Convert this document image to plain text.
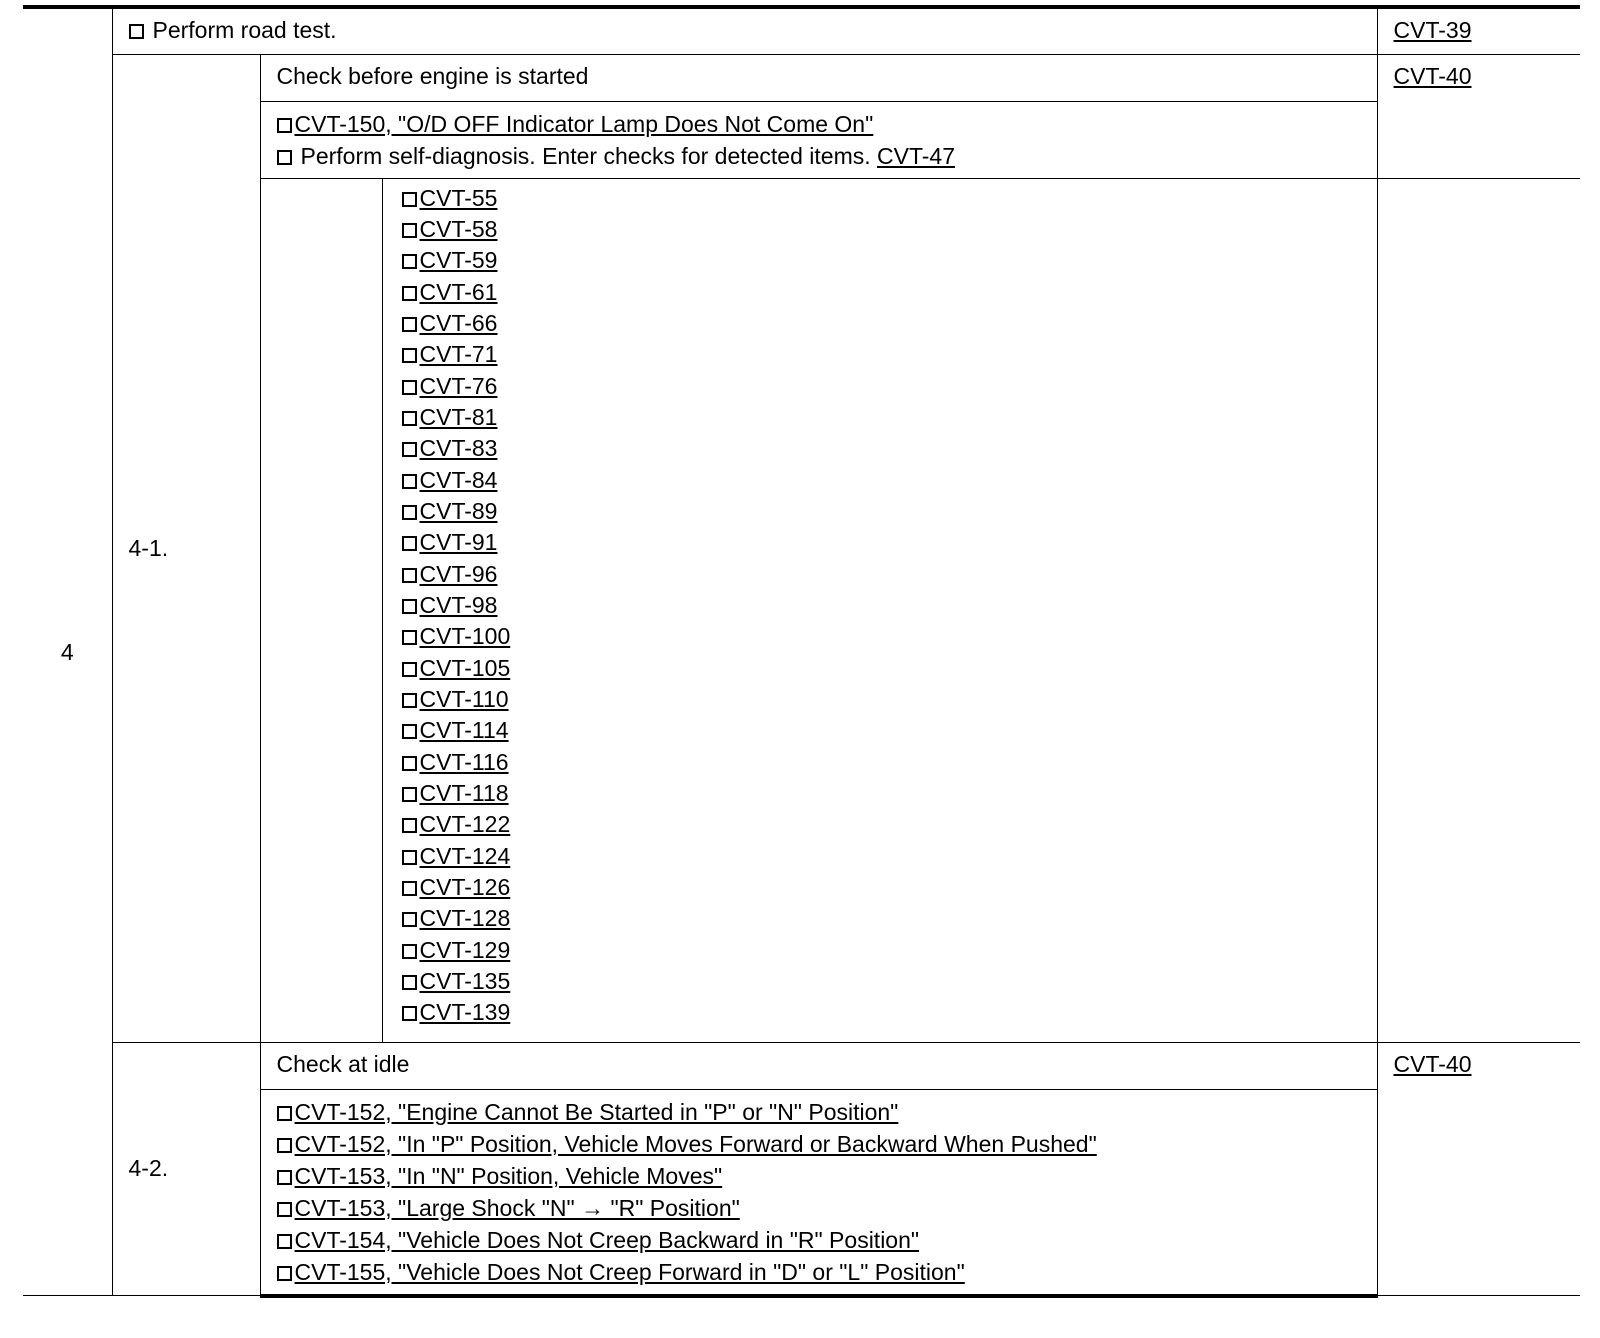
4	
Perform road test.	CVT-39

4-1.	
Check before engine is started	CVT-40

CVT-150, "O/D OFF Indicator Lamp Does Not Come On"
Perform self-diagnosis. Enter checks for detected items. CVT-47

CVT-55
CVT-58
CVT-59
CVT-61
CVT-66
CVT-71
CVT-76
CVT-81
CVT-83
CVT-84
CVT-89
CVT-91
CVT-96
CVT-98
CVT-100
CVT-105
CVT-110
CVT-114
CVT-116
CVT-118
CVT-122
CVT-124
CVT-126
CVT-128
CVT-129
CVT-135
CVT-139

4-2.	
Check at idle	CVT-40

CVT-152, "Engine Cannot Be Started in "P" or "N" Position"
CVT-152, "In "P" Position, Vehicle Moves Forward or Backward When Pushed"
CVT-153, "In "N" Position, Vehicle Moves"
CVT-153, "Large Shock "N" → "R" Position"
CVT-154, "Vehicle Does Not Creep Backward in "R" Position"
CVT-155, "Vehicle Does Not Creep Forward in "D" or "L" Position"
